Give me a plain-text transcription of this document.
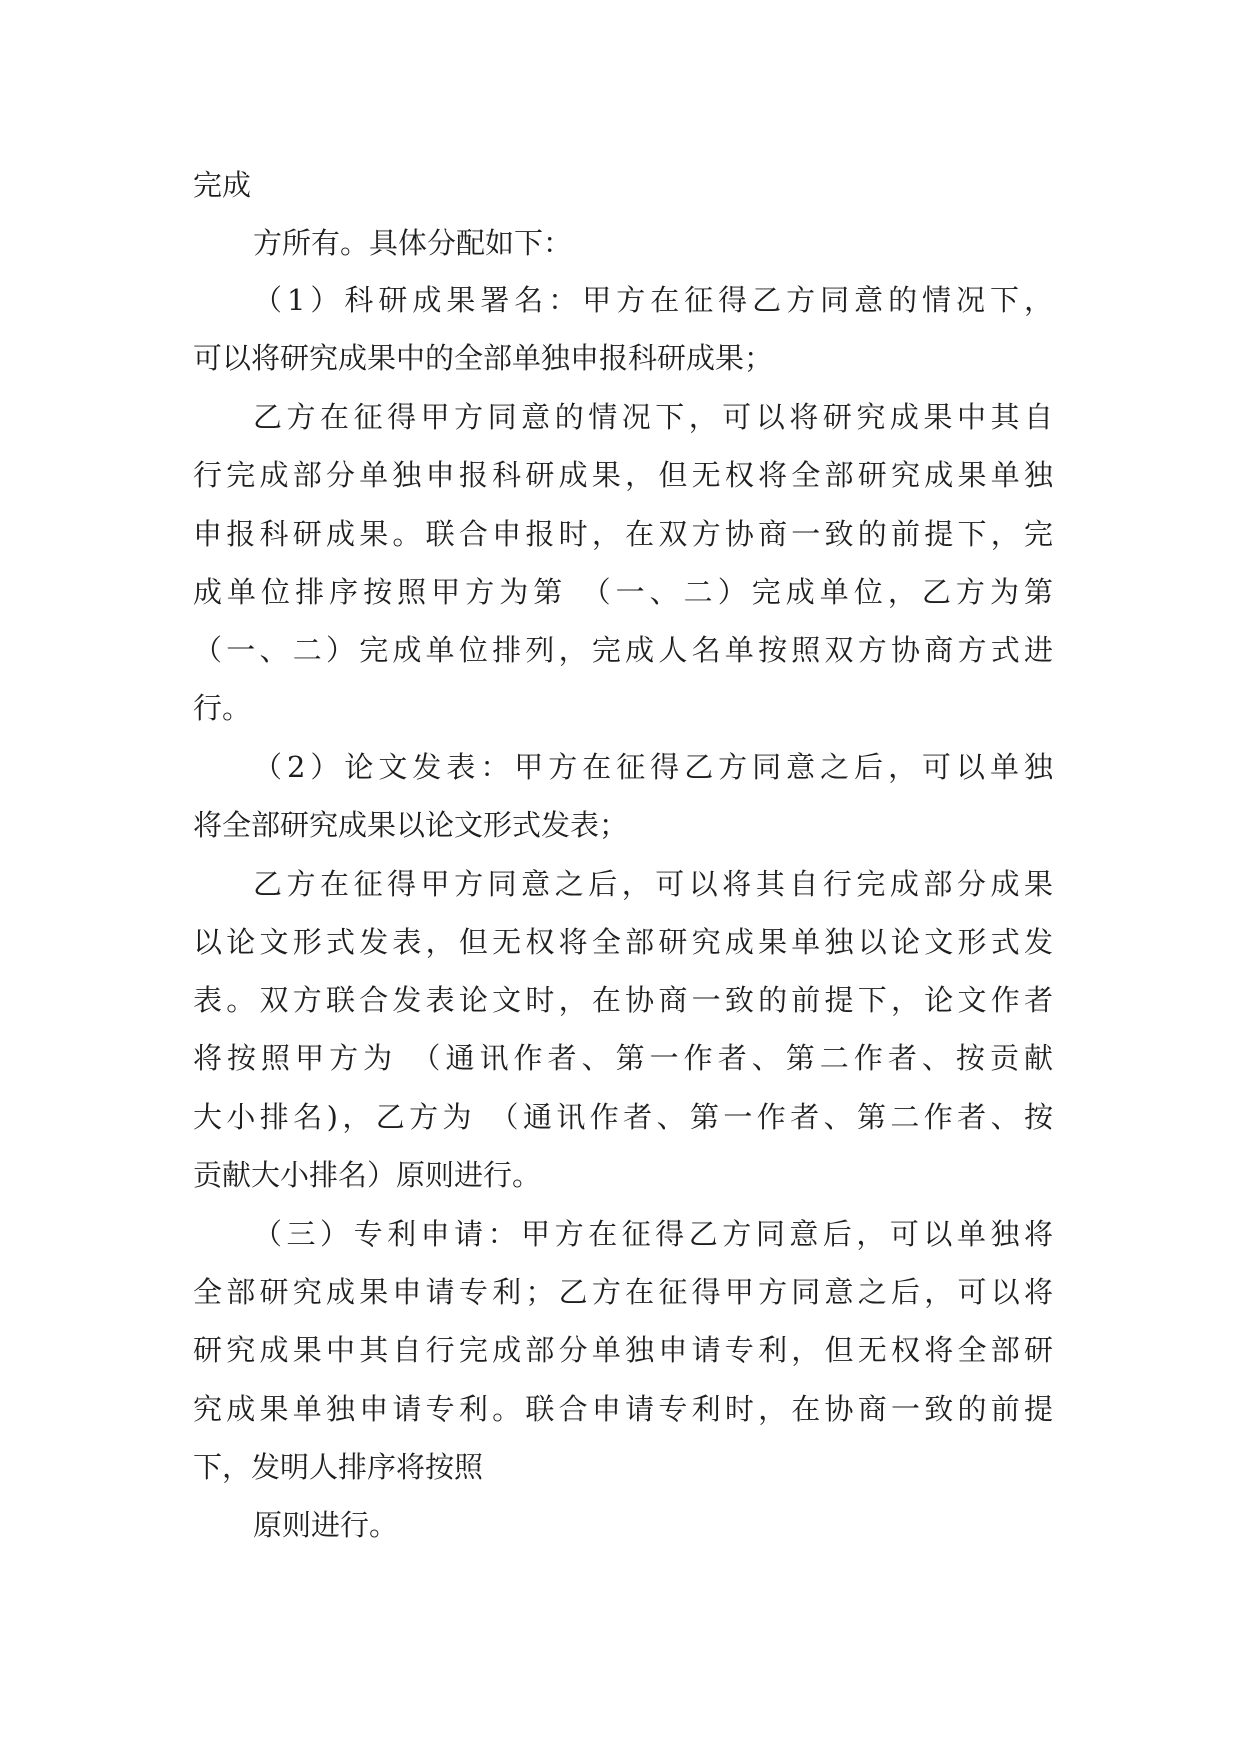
完成
方所有。具体分配如下：
（1）科研成果署名：甲方在征得乙方同意的情况下，
可以将研究成果中的全部单独申报科研成果；
乙方在征得甲方同意的情况下，可以将研究成果中其自
行完成部分单独申报科研成果，但无权将全部研究成果单独
申报科研成果。联合申报时，在双方协商一致的前提下，完
成单位排序按照甲方为第 （一、二）完成单位，乙方为第
（一、二）完成单位排列，完成人名单按照双方协商方式进
行。
（2）论文发表：甲方在征得乙方同意之后，可以单独
将全部研究成果以论文形式发表；
乙方在征得甲方同意之后，可以将其自行完成部分成果
以论文形式发表，但无权将全部研究成果单独以论文形式发
表。双方联合发表论文时，在协商一致的前提下，论文作者
将按照甲方为 （通讯作者、第一作者、第二作者、按贡献
大小排名)，乙方为 （通讯作者、第一作者、第二作者、按
贡献大小排名）原则进行。
（三）专利申请：甲方在征得乙方同意后，可以单独将
全部研究成果申请专利；乙方在征得甲方同意之后，可以将
研究成果中其自行完成部分单独申请专利，但无权将全部研
究成果单独申请专利。联合申请专利时，在协商一致的前提
下，发明人排序将按照
原则进行。
